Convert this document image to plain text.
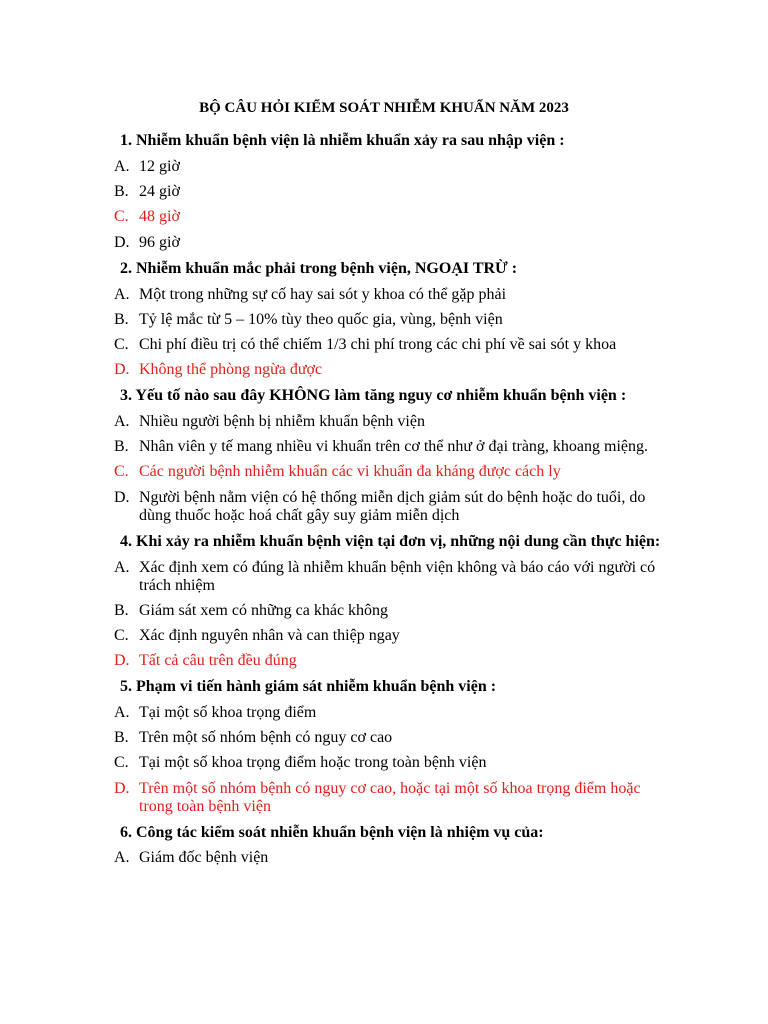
BỘ CÂU HỎI KIỂM SOÁT NHIỄM KHUẨN NĂM 2023
1. Nhiễm khuẩn bệnh viện là nhiễm khuẩn xảy ra sau nhập viện :
A. 12 giờ
B. 24 giờ
C. 48 giờ
D. 96 giờ
2. Nhiễm khuẩn mắc phải trong bệnh viện, NGOẠI TRỪ :
A. Một trong những sự cố hay sai sót y khoa có thể gặp phải
B. Tỷ lệ mắc từ 5 – 10% tùy theo quốc gia, vùng, bệnh viện
C. Chi phí điều trị có thể chiếm 1/3 chi phí trong các chi phí về sai sót y khoa
D. Không thể phòng ngừa được
3. Yếu tố nào sau đây KHÔNG làm tăng nguy cơ nhiễm khuẩn bệnh viện :
A. Nhiều người bệnh bị nhiễm khuẩn bệnh viện
B. Nhân viên y tế mang nhiều vi khuẩn trên cơ thể như ở đại tràng, khoang miệng.
C. Các người bệnh nhiễm khuẩn các vi khuẩn đa kháng được cách ly
D. Người bệnh nằm viện có hệ thống miễn dịch giảm sút do bệnh hoặc do tuổi, do dùng thuốc hoặc hoá chất gây suy giảm miễn dịch
4. Khi xảy ra nhiễm khuẩn bệnh viện tại đơn vị, những nội dung cần thực hiện:
A. Xác định xem có đúng là nhiễm khuẩn bệnh viện không và báo cáo với người có trách nhiệm
B. Giám sát xem có những ca khác không
C. Xác định nguyên nhân và can thiệp ngay
D. Tất cả câu trên đều đúng
5. Phạm vi tiến hành giám sát nhiễm khuẩn bệnh viện :
A. Tại một số khoa trọng điểm
B. Trên một số nhóm bệnh có nguy cơ cao
C. Tại một số khoa trọng điểm hoặc trong toàn bệnh viện
D. Trên một số nhóm bệnh có nguy cơ cao, hoặc tại một số khoa trọng điểm hoặc trong toàn bệnh viện
6. Công tác kiểm soát nhiễn khuẩn bệnh viện là nhiệm vụ của:
A. Giám đốc bệnh viện
